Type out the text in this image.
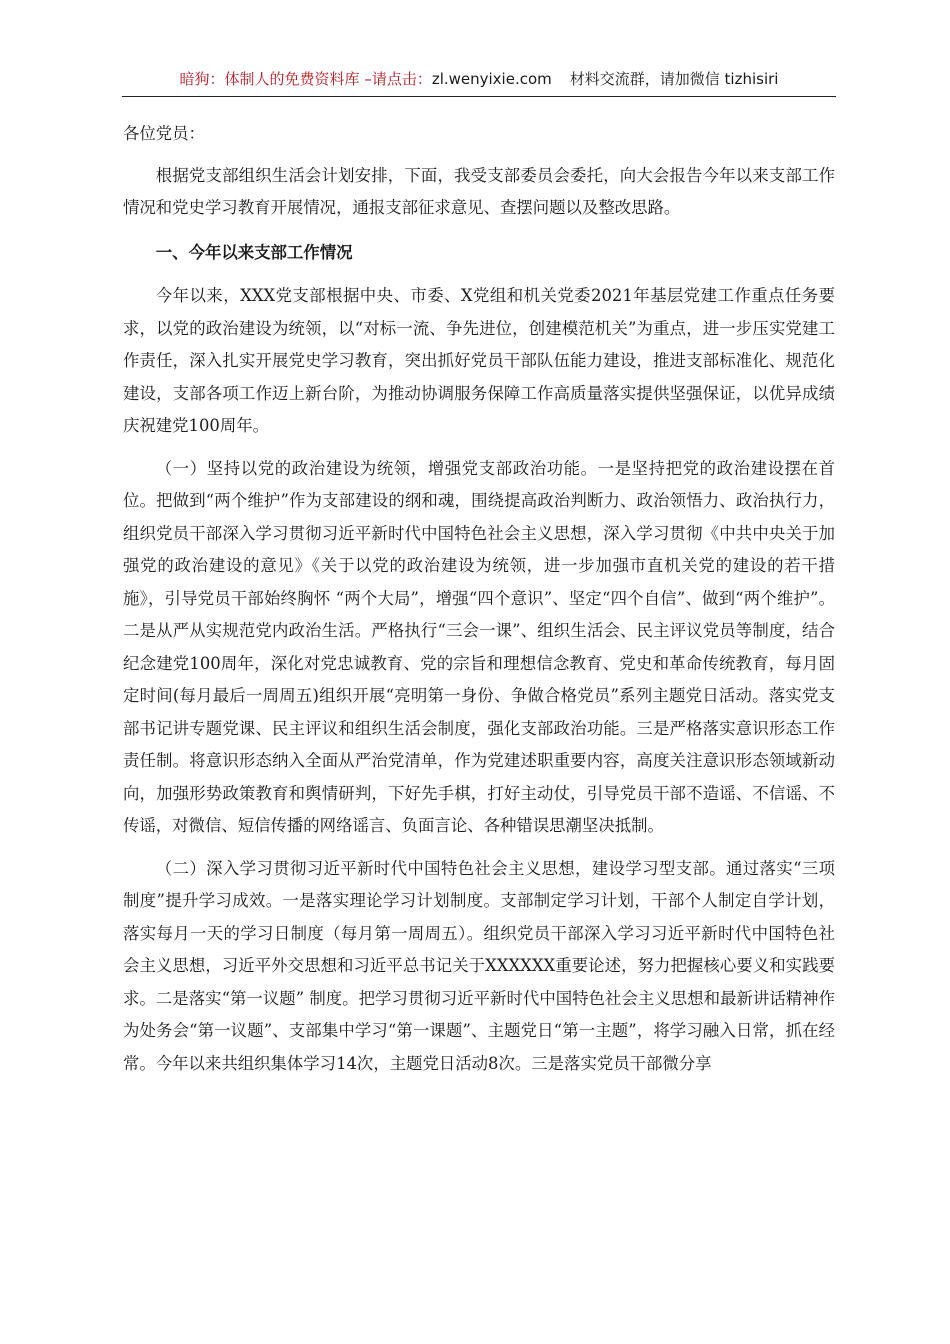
暗狗：体制人的免费资料库 –请点击：zl.wenyixie.com 材料交流群，请加微信 tizhisiri

各位党员：

根据党支部组织生活会计划安排，下面，我受支部委员会委托，向大会报告今年以来支部工作情况和党史学习教育开展情况，通报支部征求意见、查摆问题以及整改思路。

一、今年以来支部工作情况

今年以来，XXX党支部根据中央、市委、X党组和机关党委2021年基层党建工作重点任务要求，以党的政治建设为统领，以“对标一流、争先进位，创建模范机关”为重点，进一步压实党建工作责任，深入扎实开展党史学习教育，突出抓好党员干部队伍能力建设，推进支部标准化、规范化建设，支部各项工作迈上新台阶，为推动协调服务保障工作高质量落实提供坚强保证，以优异成绩庆祝建党100周年。

（一）坚持以党的政治建设为统领，增强党支部政治功能。一是坚持把党的政治建设摆在首位。把做到“两个维护”作为支部建设的纲和魂，围绕提高政治判断力、政治领悟力、政治执行力，组织党员干部深入学习贯彻习近平新时代中国特色社会主义思想，深入学习贯彻《中共中央关于加强党的政治建设的意见》《关于以党的政治建设为统领，进一步加强市直机关党的建设的若干措施》，引导党员干部始终胸怀 “两个大局”，增强“四个意识”、坚定“四个自信”、做到“两个维护”。二是从严从实规范党内政治生活。严格执行“三会一课”、组织生活会、民主评议党员等制度，结合纪念建党100周年，深化对党忠诚教育、党的宗旨和理想信念教育、党史和革命传统教育，每月固定时间(每月最后一周周五)组织开展“亮明第一身份、争做合格党员”系列主题党日活动。落实党支部书记讲专题党课、民主评议和组织生活会制度，强化支部政治功能。三是严格落实意识形态工作责任制。将意识形态纳入全面从严治党清单，作为党建述职重要内容，高度关注意识形态领域新动向，加强形势政策教育和舆情研判，下好先手棋，打好主动仗，引导党员干部不造谣、不信谣、不传谣，对微信、短信传播的网络谣言、负面言论、各种错误思潮坚决抵制。

（二）深入学习贯彻习近平新时代中国特色社会主义思想，建设学习型支部。通过落实“三项制度”提升学习成效。一是落实理论学习计划制度。支部制定学习计划，干部个人制定自学计划，落实每月一天的学习日制度（每月第一周周五）。组织党员干部深入学习习近平新时代中国特色社会主义思想，习近平外交思想和习近平总书记关于XXXXXX重要论述，努力把握核心要义和实践要求。二是落实“第一议题” 制度。把学习贯彻习近平新时代中国特色社会主义思想和最新讲话精神作为处务会“第一议题”、支部集中学习“第一课题”、主题党日“第一主题”，将学习融入日常，抓在经常。今年以来共组织集体学习14次，主题党日活动8次。三是落实党员干部微分享
